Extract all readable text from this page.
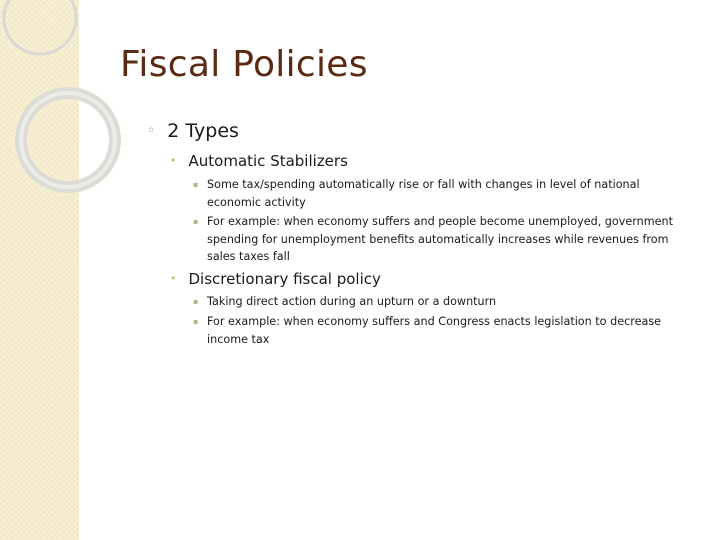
Fiscal Policies
◦ 2 Types
• Automatic Stabilizers
▪ Some tax/spending automatically rise or fall with changes in level of national economic activity
▪ For example: when economy suffers and people become unemployed, government spending for unemployment benefits automatically increases while revenues from sales taxes fall
• Discretionary fiscal policy
▪ Taking direct action during an upturn or a downturn
▪ For example: when economy suffers and Congress enacts legislation to decrease income tax
